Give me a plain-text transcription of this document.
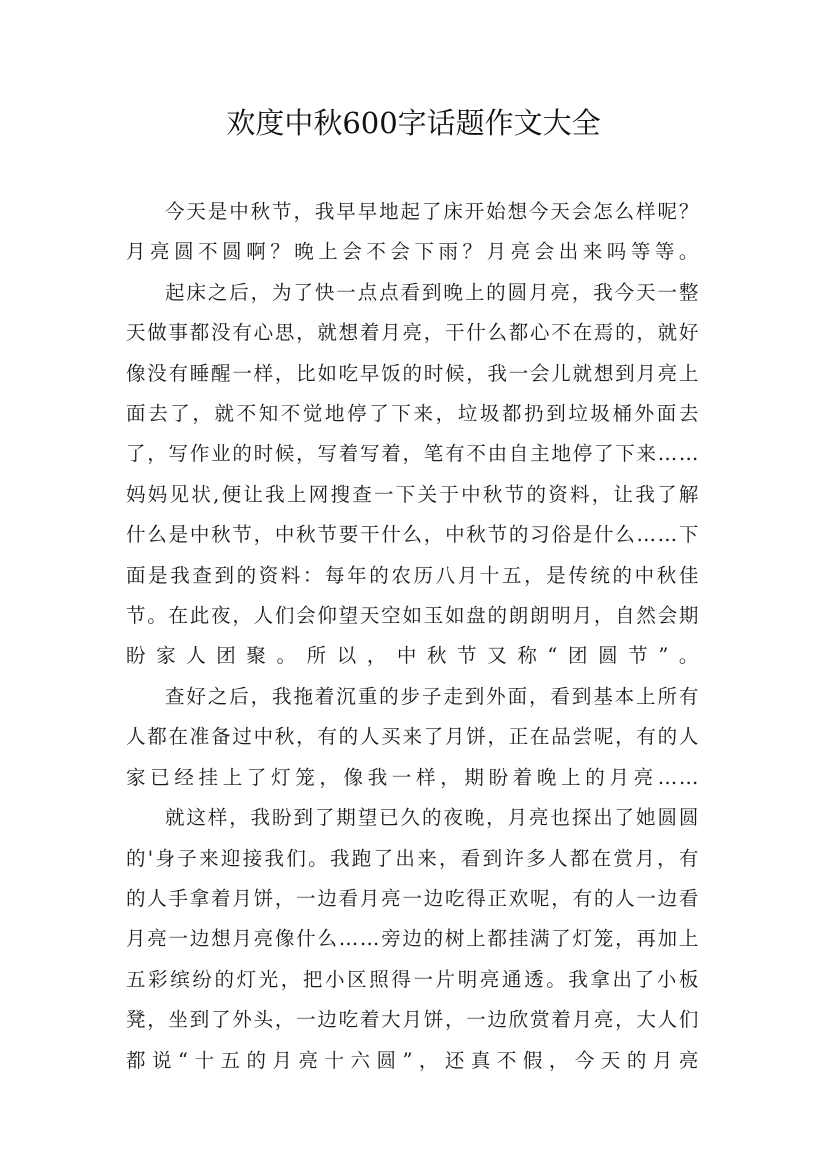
欢度中秋600字话题作文大全

今天是中秋节，我早早地起了床开始想今天会怎么样呢？月亮圆不圆啊？晚上会不会下雨？月亮会出来吗等等。

起床之后，为了快一点点看到晚上的圆月亮，我今天一整天做事都没有心思，就想着月亮，干什么都心不在焉的，就好像没有睡醒一样，比如吃早饭的时候，我一会儿就想到月亮上面去了，就不知不觉地停了下来，垃圾都扔到垃圾桶外面去了，写作业的时候，写着写着，笔有不由自主地停了下来……妈妈见状,便让我上网搜查一下关于中秋节的资料，让我了解什么是中秋节，中秋节要干什么，中秋节的习俗是什么……下面是我查到的资料：每年的农历八月十五，是传统的中秋佳节。在此夜，人们会仰望天空如玉如盘的朗朗明月，自然会期盼家人团聚。所以，中秋节又称“团圆节”。

查好之后，我拖着沉重的步子走到外面，看到基本上所有人都在准备过中秋，有的人买来了月饼，正在品尝呢，有的人家已经挂上了灯笼，像我一样，期盼着晚上的月亮……

就这样，我盼到了期望已久的夜晚，月亮也探出了她圆圆的'身子来迎接我们。我跑了出来，看到许多人都在赏月，有的人手拿着月饼，一边看月亮一边吃得正欢呢，有的人一边看月亮一边想月亮像什么……旁边的树上都挂满了灯笼，再加上五彩缤纷的灯光，把小区照得一片明亮通透。我拿出了小板凳，坐到了外头，一边吃着大月饼，一边欣赏着月亮，大人们都说“十五的月亮十六圆”，还真不假，今天的月亮
